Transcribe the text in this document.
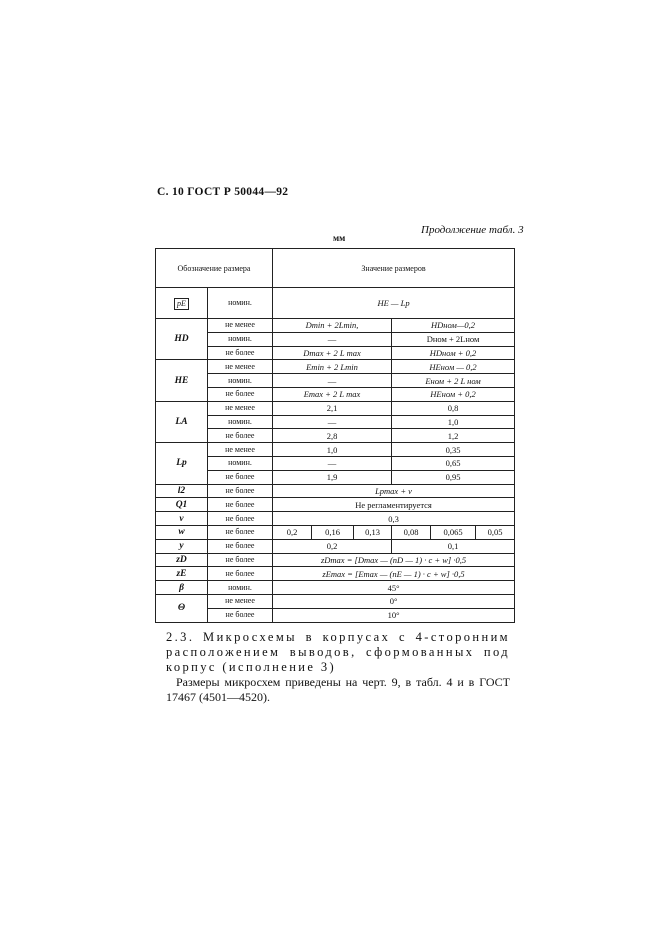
С. 10 ГОСТ Р 50044—92
Продолжение табл. 3
мм
Обозначение размера		Значение размеров					
pE	номин.	HE — Lp					
HD	не менее	Dmin + 2Lmin,			HDном—0,2		
	номин.	—			Dном + 2Lном		
	не более	Dmax + 2 L max			HDном + 0,2		
HE	не менее	Emin + 2 Lmin			HEном — 0,2		
	номин.	—			Eном + 2 L ном		
	не более	Emax + 2 L max			HEном + 0,2		
LA	не менее	2,1			0,8		
	номин.	—			1,0		
	не более	2,8			1,2		
Lp	не менее	1,0			0,35		
	номин.	—			0,65		
	не более	1,9			0,95		
l2	не более	Lpmax + v					
Q1	не более	Не регламентируется					
v	не более	0,3					
w	не более	0,2	0,16	0,13	0,08	0,065	0,05
y	не более	0,2			0,1		
zD	не более	zDmax = [Dmax — (nD — 1) · c + w] ·0,5					
zE	не более	zEmax = [Emax — (nE — 1) · c + w] ·0,5					
β	номин.	45°					
Θ	не менее	0°					
	не более	10°					
2.3. Микросхемы в корпусах с 4-сторонним расположением выводов, сформованных под корпус (исполнение 3)
Размеры микросхем приведены на черт. 9, в табл. 4 и в ГОСТ 17467 (4501—4520).
